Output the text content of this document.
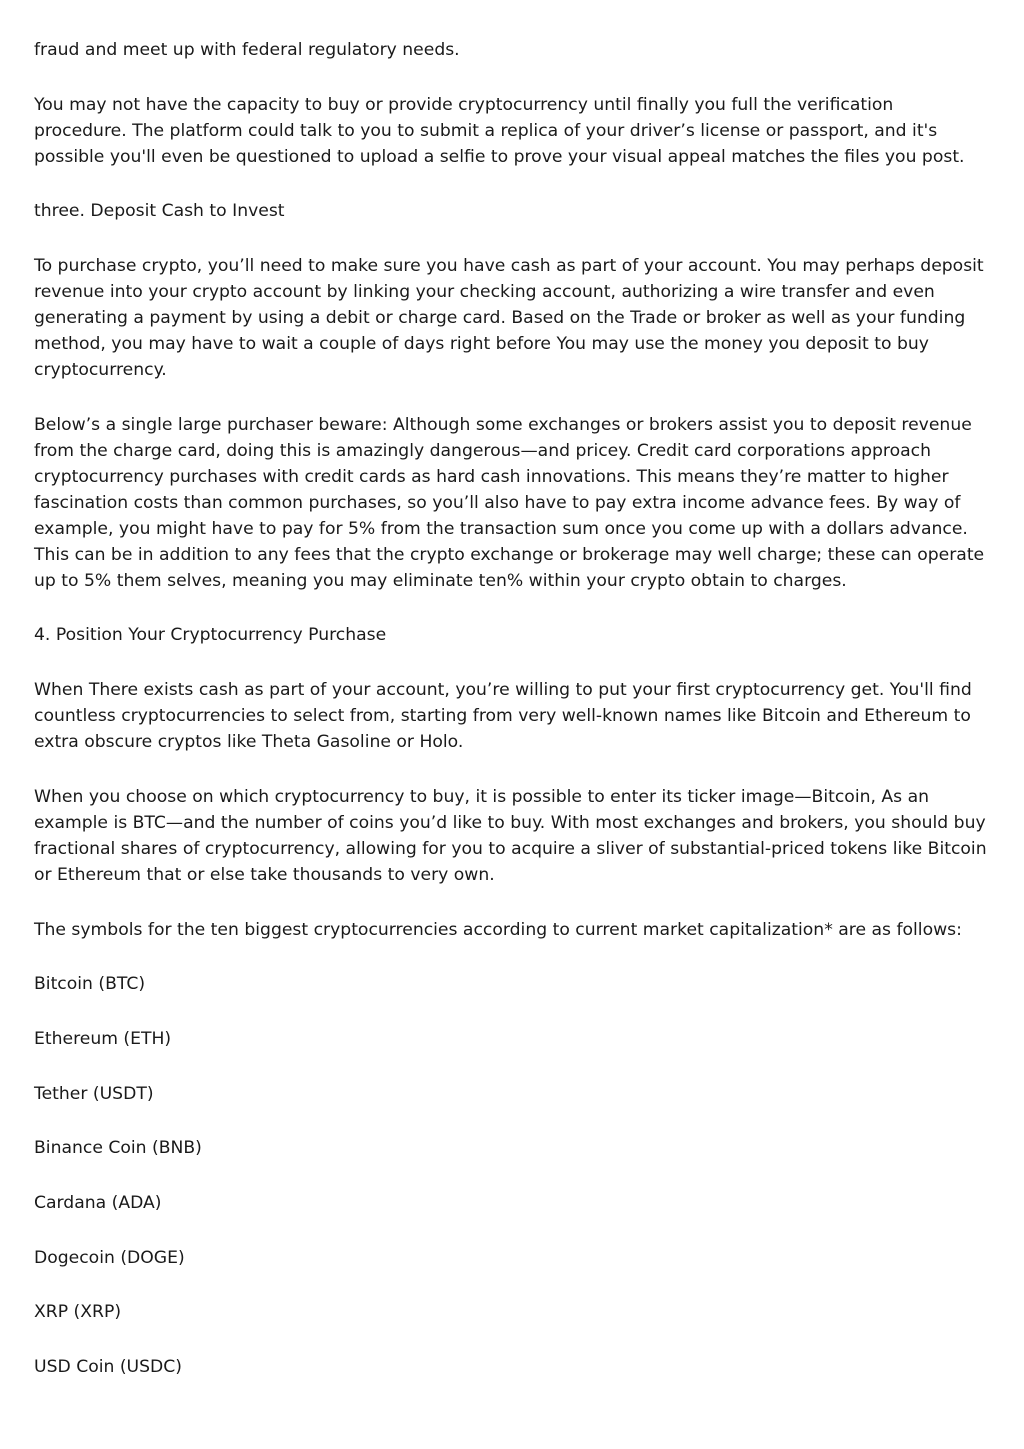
fraud and meet up with federal regulatory needs.

You may not have the capacity to buy or provide cryptocurrency until finally you full the verification procedure. The platform could talk to you to submit a replica of your driver’s license or passport, and it's possible you'll even be questioned to upload a selfie to prove your visual appeal matches the files you post.

three. Deposit Cash to Invest

To purchase crypto, you’ll need to make sure you have cash as part of your account. You may perhaps deposit revenue into your crypto account by linking your checking account, authorizing a wire transfer and even generating a payment by using a debit or charge card. Based on the Trade or broker as well as your funding method, you may have to wait a couple of days right before You may use the money you deposit to buy cryptocurrency.

Below’s a single large purchaser beware: Although some exchanges or brokers assist you to deposit revenue from the charge card, doing this is amazingly dangerous—and pricey. Credit card corporations approach cryptocurrency purchases with credit cards as hard cash innovations. This means they’re matter to higher fascination costs than common purchases, so you’ll also have to pay extra income advance fees. By way of example, you might have to pay for 5% from the transaction sum once you come up with a dollars advance. This can be in addition to any fees that the crypto exchange or brokerage may well charge; these can operate up to 5% them selves, meaning you may eliminate ten% within your crypto obtain to charges.

4. Position Your Cryptocurrency Purchase

When There exists cash as part of your account, you’re willing to put your first cryptocurrency get. You'll find countless cryptocurrencies to select from, starting from very well-known names like Bitcoin and Ethereum to extra obscure cryptos like Theta Gasoline or Holo.

When you choose on which cryptocurrency to buy, it is possible to enter its ticker image—Bitcoin, As an example is BTC—and the number of coins you’d like to buy. With most exchanges and brokers, you should buy fractional shares of cryptocurrency, allowing for you to acquire a sliver of substantial-priced tokens like Bitcoin or Ethereum that or else take thousands to very own.

The symbols for the ten biggest cryptocurrencies according to current market capitalization* are as follows:

Bitcoin (BTC)

Ethereum (ETH)

Tether (USDT)

Binance Coin (BNB)

Cardana (ADA)

Dogecoin (DOGE)

XRP (XRP)

USD Coin (USDC)
